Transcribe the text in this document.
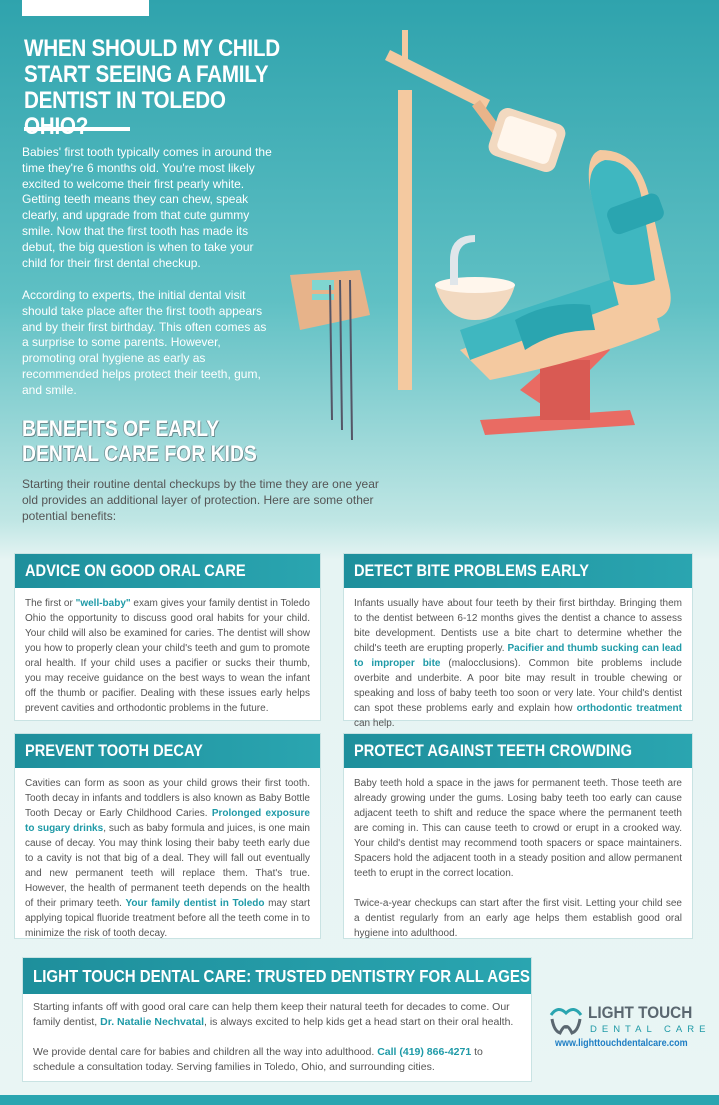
WHEN SHOULD MY CHILD START SEEING A FAMILY DENTIST IN TOLEDO

Babies' first tooth typically comes in around the time they're 6 months old. You're most likely excited to welcome their first pearly white. Getting teeth means they can chew, speak clearly, and upgrade from that cute gummy smile. Now that the first tooth has made its debut, the big question is when to take your child for their first dental checkup.

According to experts, the initial dental visit should take place after the first tooth appears and by their first birthday. This often comes as a surprise to some parents. However, promoting oral hygiene as early as recommended helps protect their teeth, gum, and smile.

BENEFITS OF EARLY DENTAL CARE FOR KIDS

Starting their routine dental checkups by the time they are one year old provides an additional layer of protection. Here are some other potential benefits:

ADVICE ON GOOD ORAL CARE
The first or "well-baby" exam gives your family dentist in Toledo Ohio the opportunity to discuss good oral habits for your child. Your child will also be examined for caries. The dentist will show you how to properly clean your child's teeth and gum to promote oral health. If your child uses a pacifier or sucks their thumb, you may receive guidance on the best ways to wean the infant off the thumb or pacifier. Dealing with these issues early helps prevent cavities and orthodontic problems in the future.
DETECT BITE PROBLEMS EARLY
Infants usually have about four teeth by their first birthday. Bringing them to the dentist between 6-12 months gives the dentist a chance to assess bite development. Dentists use a bite chart to determine whether the child's teeth are erupting properly. Pacifier and thumb sucking can lead to improper bite (malocclusions). Common bite problems include overbite and underbite. A poor bite may result in trouble chewing or speaking and loss of baby teeth too soon or very late. Your child's dentist can spot these problems early and explain how orthodontic treatment can help.
PREVENT TOOTH DECAY
Cavities can form as soon as your child grows their first tooth. Tooth decay in infants and toddlers is also known as Baby Bottle Tooth Decay or Early Childhood Caries. Prolonged exposure to sugary drinks, such as baby formula and juices, is one main cause of decay. You may think losing their baby teeth early due to a cavity is not that big of a deal. They will fall out eventually and new permanent teeth will replace them. That's true. However, the health of permanent teeth depends on the health of their primary teeth. Your family dentist in Toledo may start applying topical fluoride treatment before all the teeth come in to minimize the risk of tooth decay.
PROTECT AGAINST TEETH CROWDING

Baby teeth hold a space in the jaws for permanent teeth. Those teeth are already growing under the gums. Losing baby teeth too early can cause adjacent teeth to shift and reduce the space where the permanent teeth are coming in. This can cause teeth to crowd or erupt in a crooked way. Your child's dentist may recommend tooth spacers or space maintainers. Spacers hold the adjacent tooth in a steady position and allow permanent teeth to erupt in the correct location.

Twice-a-year checkups can start after the first visit. Letting your child see a dentist regularly from an early age helps them establish good oral hygiene into adulthood.

LIGHT TOUCH DENTAL CARE: TRUSTED DENTISTRY FOR ALL AGES

Starting infants off with good oral care can help them keep their natural teeth for decades to come. Our family dentist, Dr. Natalie Nechvatal, is always excited to help kids get a head start on their oral health.

We provide dental care for babies and children all the way into adulthood. Call (419) 866-4271 to schedule a consultation today. Serving families in Toledo, Ohio, and surrounding cities.

LIGHT TOUCH
DENTAL CARE
www.lighttouchdentalcare.com
